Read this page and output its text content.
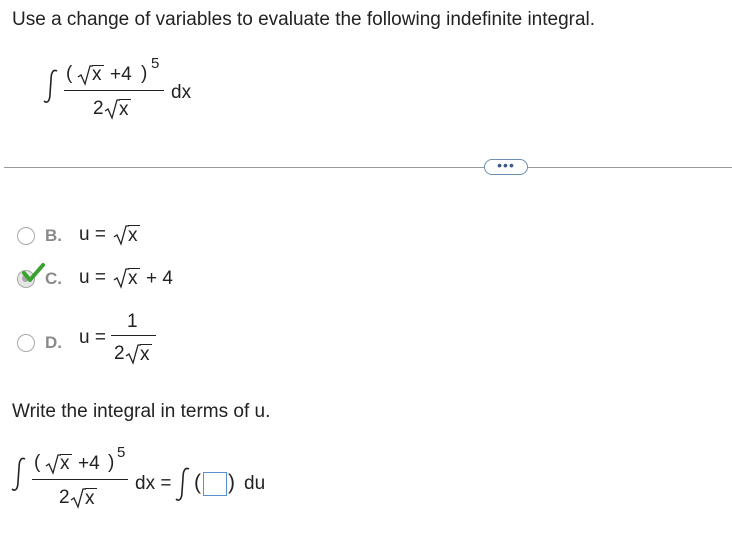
Use a change of variables to evaluate the following indefinite integral.
( x +4 ) 5
2 x
dx
•••
B. u = x
C. u = x + 4
D. u =
1
2 x
Write the integral in terms of u.
( x +4 ) 5
2 x
dx = ( ) du
